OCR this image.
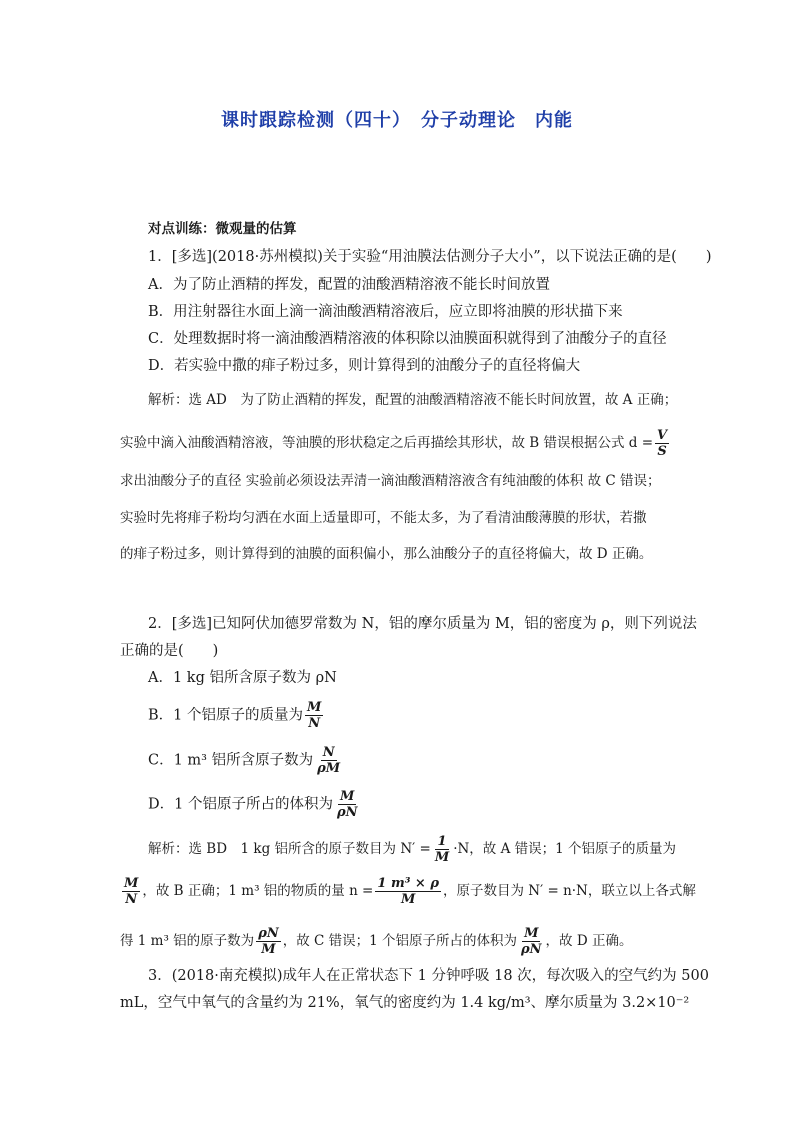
课时跟踪检测（四十）　分子动理论　内能
对点训练：微观量的估算
1．[多选](2018·苏州模拟)关于实验“用油膜法估测分子大小”，以下说法正确的是(　　)
A．为了防止酒精的挥发，配置的油酸酒精溶液不能长时间放置
B．用注射器往水面上滴一滴油酸酒精溶液后，应立即将油膜的形状描下来
C．处理数据时将一滴油酸酒精溶液的体积除以油膜面积就得到了油酸分子的直径
D．若实验中撒的痱子粉过多，则计算得到的油酸分子的直径将偏大
解析：选 AD　为了防止酒精的挥发，配置的油酸酒精溶液不能长时间放置，故 A 正确；
实验中滴入油酸酒精溶液，等油膜的形状稳定之后再描绘其形状，故 B 错误根据公式 $d = \frac{V}{S}$
求出油酸分子的直径 实验前必须设法弄清一滴油酸酒精溶液含有纯油酸的体积 故 C 错误；
实验时先将痱子粉均匀洒在水面上适量即可，不能太多，为了看清油酸薄膜的形状，若撒
的痱子粉过多，则计算得到的油膜的面积偏小，那么油酸分子的直径将偏大，故 D 正确。
2．[多选]已知阿伏加德罗常数为 N，铝的摩尔质量为 M，铝的密度为 ρ，则下列说法
正确的是(　　)
A．1 kg 铝所含原子数为 ρN
B．1 个铝原子的质量为 $\frac{M}{N}$
C．1 m³ 铝所含原子数为 $\frac{N}{\rho M}$
D．1 个铝原子所占的体积为 $\frac{M}{\rho N}$
解析：选 BD　1 kg 铝所含的原子数目为 $N' = \frac{1}{M} \cdot N$，故 A 错误；1 个铝原子的质量为
$\frac{M}{N}$ ，故 B 正确；1 m³ 铝的物质的量 $n = \frac{\text{1 m³ × ρ}}{M}$ ，原子数目为 N′ = n·N，联立以上各式解
得 1 m³ 铝的原子数为 $\frac{\rho N}{M}$ ，故 C 错误；1 个铝原子所占的体积为 $\frac{M}{\rho N}$ ，故 D 正确。
3．(2018·南充模拟)成年人在正常状态下 1 分钟呼吸 18 次，每次吸入的空气约为 500
mL，空气中氧气的含量约为 21%，氧气的密度约为 1.4 kg/m³、摩尔质量为 3.2×10⁻²
